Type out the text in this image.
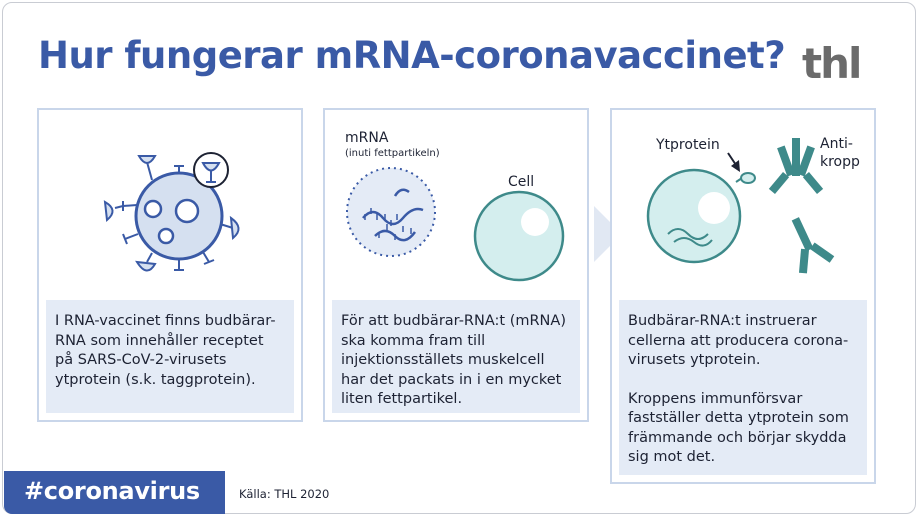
Hur fungerar mRNA-coronavaccinet? thl

I RNA-vaccinet finns budbärar-RNA som innehåller receptet på SARS-CoV-2-virusets ytprotein (s.k. taggprotein).

mRNA
(inuti fettpartikeln)
Cell

För att budbärar-RNA:t (mRNA) ska komma fram till injektionsställets muskelcell har det packats in i en mycket liten fettpartikel.

Ytprotein	Anti-
kropp

Budbärar-RNA:t instruerar cellerna att producera corona-virusets ytprotein.

Kroppens immunförsvar fastställer detta ytprotein som främmande och börjar skydda sig mot det.

#coronavirus	Källa: THL 2020
